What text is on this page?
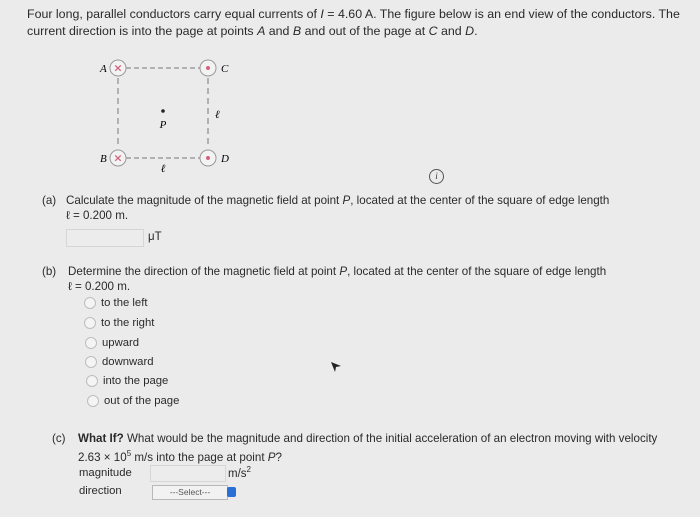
Four long, parallel conductors carry equal currents of I = 4.60 A. The figure below is an end view of the conductors. The
current direction is into the page at points A and B and out of the page at C and D.
×
×
P
A
B
C
D
ℓ
ℓ
i
(a) Calculate the magnitude of the magnetic field at point P, located at the center of the square of edge length
ℓ = 0.200 m.
μT
(b) Determine the direction of the magnetic field at point P, located at the center of the square of edge length
ℓ = 0.200 m.
to the left
to the right
upward
downward
into the page
out of the page
(c) What If? What would be the magnitude and direction of the initial acceleration of an electron moving with velocity
$2.63 \times 10^5$ m/s into the page at point P?
magnitude	$m/s^2$
direction	---Select---
